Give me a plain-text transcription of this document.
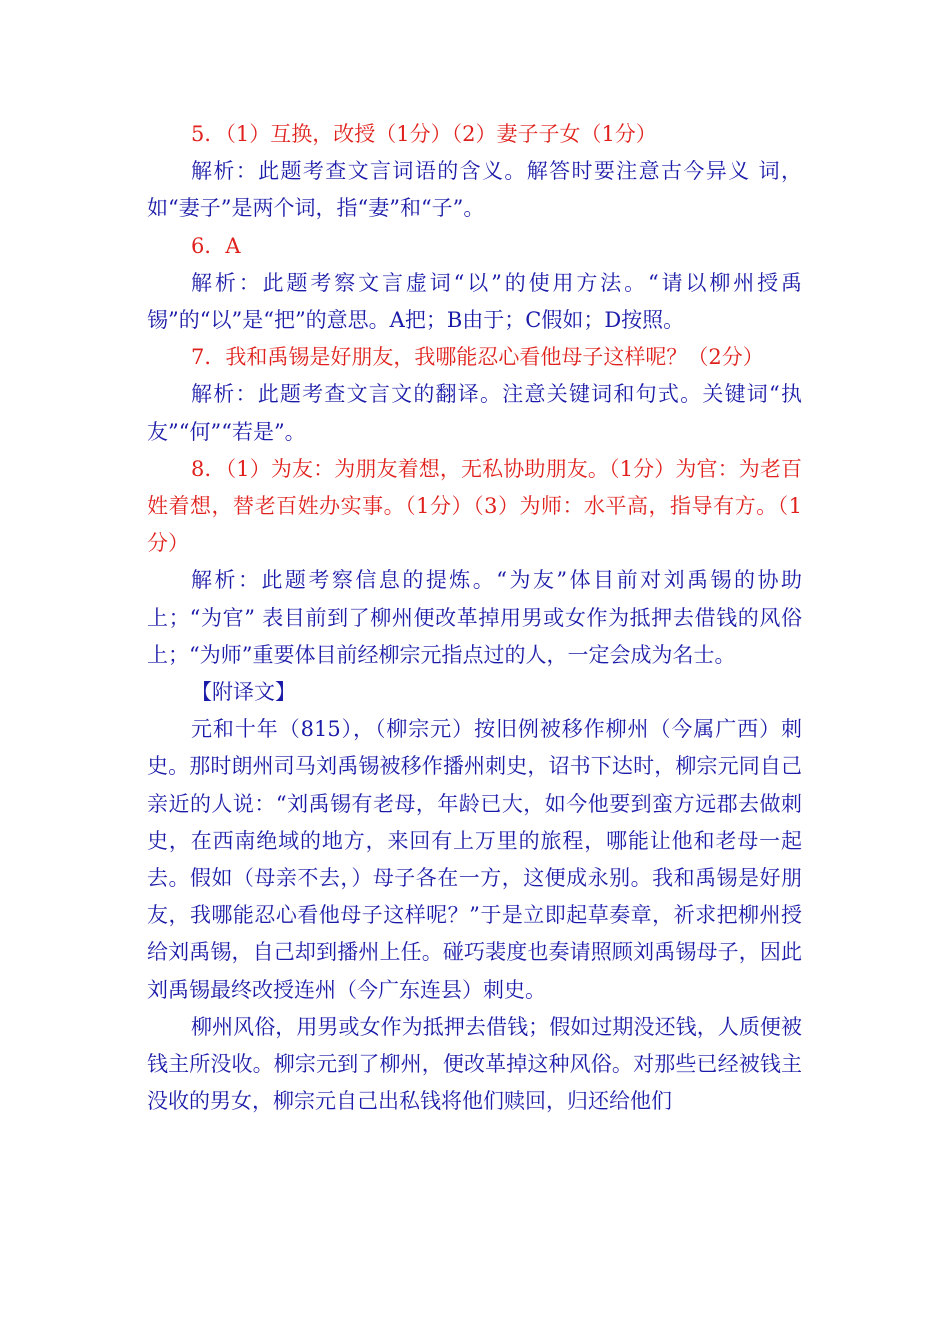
5．（1）互换，改授（1分）（2）妻子子女（1分）

解析：此题考查文言词语的含义。解答时要注意古今异义 词，如“妻子”是两个词，指“妻”和“子”。

6．A

解析：此题考察文言虚词“以”的使用方法。“请以柳州授禹锡”的“以”是“把”的意思。A把；B由于；C假如；D按照。

7．我和禹锡是好朋友，我哪能忍心看他母子这样呢？（2分）

解析：此题考查文言文的翻译。注意关键词和句式。关键词“执友”“何”“若是”。

8．（1）为友：为朋友着想，无私协助朋友。（1分）为官：为老百姓着想，替老百姓办实事。（1分）（3）为师：水平高，指导有方。（1分）

解析：此题考察信息的提炼。“为友”体目前对刘禹锡的协助上；“为官” 表目前到了柳州便改革掉用男或女作为抵押去借钱的风俗上；“为师”重要体目前经柳宗元指点过的人，一定会成为名士。

【附译文】

元和十年（815），（柳宗元）按旧例被移作柳州（今属广西）刺史。那时朗州司马刘禹锡被移作播州刺史，诏书下达时，柳宗元同自己亲近的人说：“刘禹锡有老母，年龄已大，如今他要到蛮方远郡去做刺史，在西南绝域的地方，来回有上万里的旅程，哪能让他和老母一起去。假如（母亲不去，）母子各在一方，这便成永别。我和禹锡是好朋友，我哪能忍心看他母子这样呢？”于是立即起草奏章，祈求把柳州授给刘禹锡，自己却到播州上任。碰巧裴度也奏请照顾刘禹锡母子，因此刘禹锡最终改授连州（今广东连县）刺史。

柳州风俗，用男或女作为抵押去借钱；假如过期没还钱，人质便被钱主所没收。柳宗元到了柳州，便改革掉这种风俗。对那些已经被钱主没收的男女，柳宗元自己出私钱将他们赎回，归还给他们
